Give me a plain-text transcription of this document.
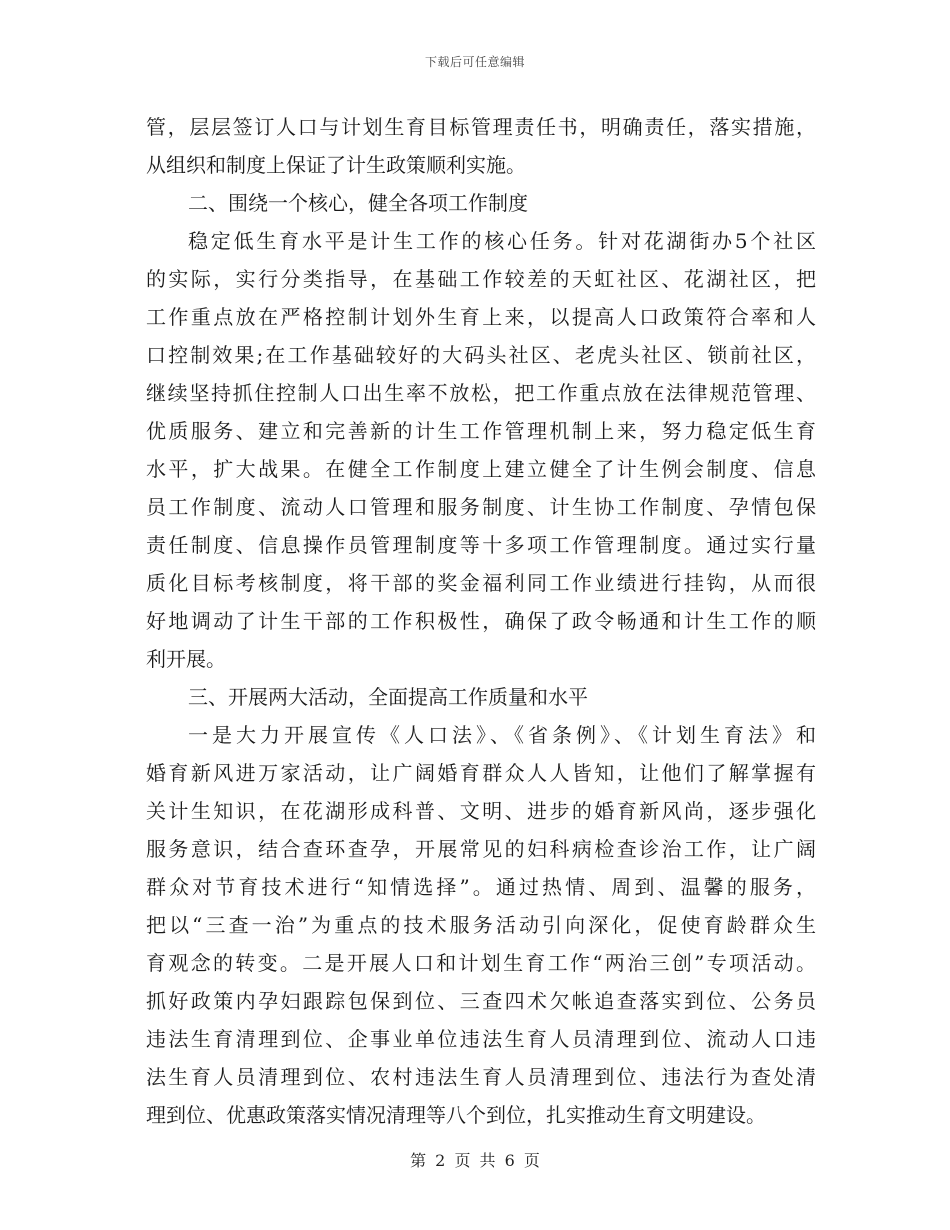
下载后可任意编辑
管，层层签订人口与计划生育目标管理责任书，明确责任，落实措施，
从组织和制度上保证了计生政策顺利实施。
二、围绕一个核心，健全各项工作制度
稳定低生育水平是计生工作的核心任务。针对花湖街办5个社区
的实际，实行分类指导，在基础工作较差的天虹社区、花湖社区，把
工作重点放在严格控制计划外生育上来，以提高人口政策符合率和人
口控制效果;在工作基础较好的大码头社区、老虎头社区、锁前社区，
继续坚持抓住控制人口出生率不放松，把工作重点放在法律规范管理、
优质服务、建立和完善新的计生工作管理机制上来，努力稳定低生育
水平，扩大战果。在健全工作制度上建立健全了计生例会制度、信息
员工作制度、流动人口管理和服务制度、计生协工作制度、孕情包保
责任制度、信息操作员管理制度等十多项工作管理制度。通过实行量
质化目标考核制度，将干部的奖金福利同工作业绩进行挂钩，从而很
好地调动了计生干部的工作积极性，确保了政令畅通和计生工作的顺
利开展。
三、开展两大活动，全面提高工作质量和水平
一是大力开展宣传《人口法》、《省条例》、《计划生育法》和
婚育新风进万家活动，让广阔婚育群众人人皆知，让他们了解掌握有
关计生知识，在花湖形成科普、文明、进步的婚育新风尚，逐步强化
服务意识，结合查环查孕，开展常见的妇科病检查诊治工作，让广阔
群众对节育技术进行“知情选择”。通过热情、周到、温馨的服务，
把以“三查一治”为重点的技术服务活动引向深化，促使育龄群众生
育观念的转变。二是开展人口和计划生育工作“两治三创”专项活动。
抓好政策内孕妇跟踪包保到位、三查四术欠帐追查落实到位、公务员
违法生育清理到位、企事业单位违法生育人员清理到位、流动人口违
法生育人员清理到位、农村违法生育人员清理到位、违法行为查处清
理到位、优惠政策落实情况清理等八个到位，扎实推动生育文明建设。
第 2 页 共 6 页
